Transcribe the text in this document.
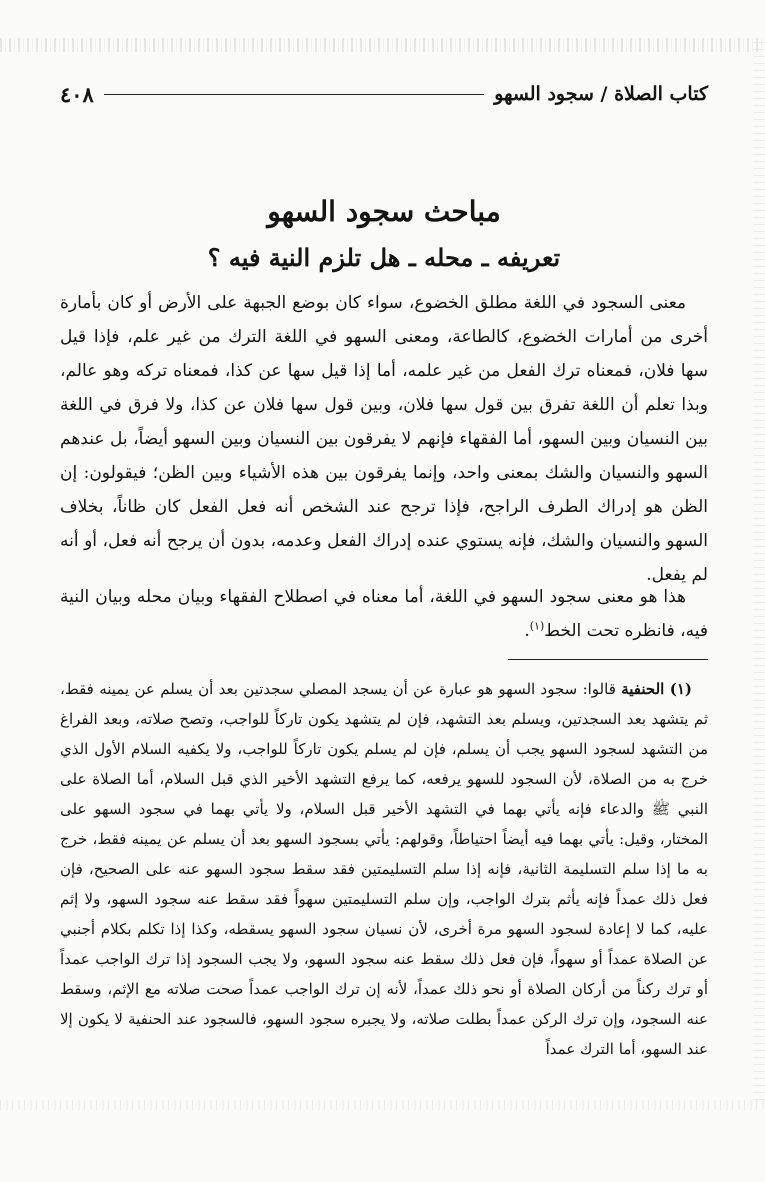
كتاب الصلاة / سجود السهو
٤٠٨
مباحث سجود السهو
تعريفه ـ محله ـ هل تلزم النية فيه ؟

معنى السجود في اللغة مطلق الخضوع، سواء كان بوضع الجبهة على الأرض أو كان بأمارة أخرى من أمارات الخضوع، كالطاعة، ومعنى السهو في اللغة الترك من غير علم، فإذا قيل سها فلان، فمعناه ترك الفعل من غير علمه، أما إذا قيل سها عن كذا، فمعناه تركه وهو عالم، وبذا تعلم أن اللغة تفرق بين قول سها فلان، وبين قول سها فلان عن كذا، ولا فرق في اللغة بين النسيان وبين السهو، أما الفقهاء فإنهم لا يفرقون بين النسيان وبين السهو أيضاً، بل عندهم السهو والنسيان والشك بمعنى واحد، وإنما يفرقون بين هذه الأشياء وبين الظن؛ فيقولون: إن الظن هو إدراك الطرف الراجح، فإذا ترجح عند الشخص أنه فعل الفعل كان ظاناً، بخلاف السهو والنسيان والشك، فإنه يستوي عنده إدراك الفعل وعدمه، بدون أن يرجح أنه فعل، أو أنه لم يفعل.

هذا هو معنى سجود السهو في اللغة، أما معناه في اصطلاح الفقهاء وبيان محله وبيان النية فيه، فانظره تحت الخط$^{(١)}$.

(١) الحنفية قالوا: سجود السهو هو عبارة عن أن يسجد المصلي سجدتين بعد أن يسلم عن يمينه فقط، ثم يتشهد بعد السجدتين، ويسلم بعد التشهد، فإن لم يتشهد يكون تاركاً للواجب، وتصح صلاته، وبعد الفراغ من التشهد لسجود السهو يجب أن يسلم، فإن لم يسلم يكون تاركاً للواجب، ولا يكفيه السلام الأول الذي خرج به من الصلاة، لأن السجود للسهو يرفعه، كما يرفع التشهد الأخير الذي قبل السلام، أما الصلاة على النبي ﷺ والدعاء فإنه يأتي بهما في التشهد الأخير قبل السلام، ولا يأتي بهما في سجود السهو على المختار، وقيل: يأتي بهما فيه أيضاً احتياطاً، وقولهم: يأتي بسجود السهو بعد أن يسلم عن يمينه فقط، خرج به ما إذا سلم التسليمة الثانية، فإنه إذا سلم التسليمتين فقد سقط سجود السهو عنه على الصحيح، فإن فعل ذلك عمداً فإنه يأثم بترك الواجب، وإن سلم التسليمتين سهواً فقد سقط عنه سجود السهو، ولا إثم عليه، كما لا إعادة لسجود السهو مرة أخرى، لأن نسيان سجود السهو يسقطه، وكذا إذا تكلم بكلام أجنبي عن الصلاة عمداً أو سهواً، فإن فعل ذلك سقط عنه سجود السهو، ولا يجب السجود إذا ترك الواجب عمداً أو ترك ركناً من أركان الصلاة أو نحو ذلك عمداً، لأنه إن ترك الواجب عمداً صحت صلاته مع الإثم، وسقط عنه السجود، وإن ترك الركن عمداً بطلت صلاته، ولا يجبره سجود السهو، فالسجود عند الحنفية لا يكون إلا عند السهو، أما الترك عمداً
